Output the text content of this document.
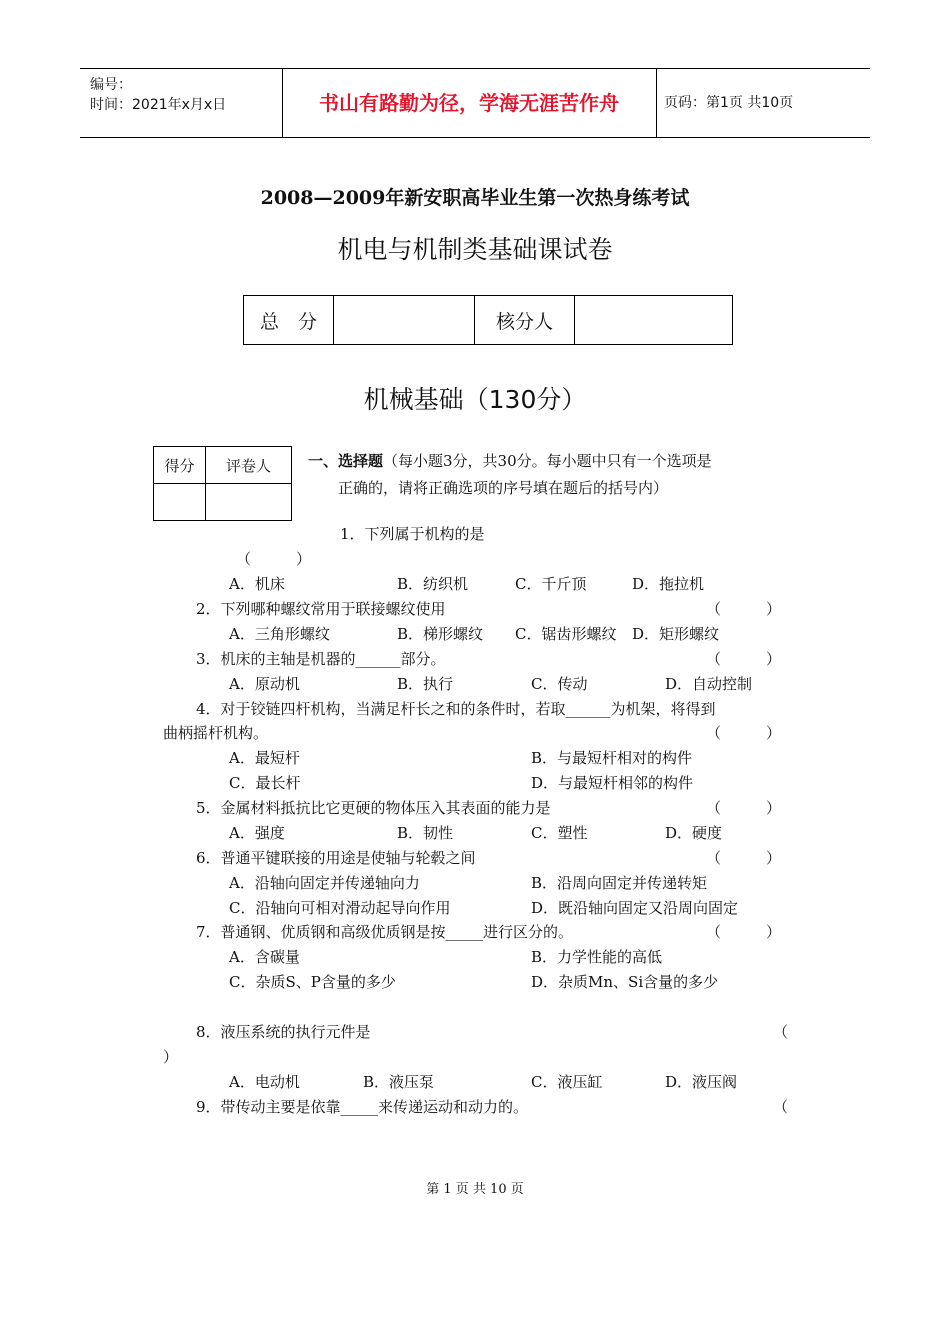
编号：
时间：2021年x月x日	书山有路勤为径，学海无涯苦作舟	页码：第1页 共10页
2008—2009年新安职高毕业生第一次热身练考试
机电与机制类基础课试卷
总　分		核分人	
机械基础（130分）
得分	评卷人
	一、选择题（每小题3分，共30分。每小题中只有一个选项是
正确的，请将正确选项的序号填在题后的括号内）
1．下列属于机构的是
（　　　）
A．机床	B．纺织机	C．千斤顶	D．拖拉机
2．下列哪种螺纹常用于联接螺纹使用	（　　　）
A．三角形螺纹	B．梯形螺纹 C．锯齿形螺纹 D．矩形螺纹
3．机床的主轴是机器的______部分。	（　　　）
A．原动机	B．执行	C．传动	D．自动控制
4．对于铰链四杆机构，当满足杆长之和的条件时，若取______为机架，将得到
曲柄摇杆机构。	（　　　）
A．最短杆	B．与最短杆相对的构件
C．最长杆	D．与最短杆相邻的构件
5．金属材料抵抗比它更硬的物体压入其表面的能力是	（　　　）
A．强度	B．韧性	C．塑性	D．硬度
6．普通平键联接的用途是使轴与轮毂之间	（　　　）
A．沿轴向固定并传递轴向力	B．沿周向固定并传递转矩
C．沿轴向可相对滑动起导向作用	D．既沿轴向固定又沿周向固定
7．普通钢、优质钢和高级优质钢是按_____进行区分的。	（　　　）
A．含碳量	B．力学性能的高低
C．杂质S、P含量的多少	D．杂质Mn、Si含量的多少
8．液压系统的执行元件是	（
）
A．电动机	B．液压泵	C．液压缸	D．液压阀
9．带传动主要是依靠_____来传递运动和动力的。	（
第 1 页 共 10 页
